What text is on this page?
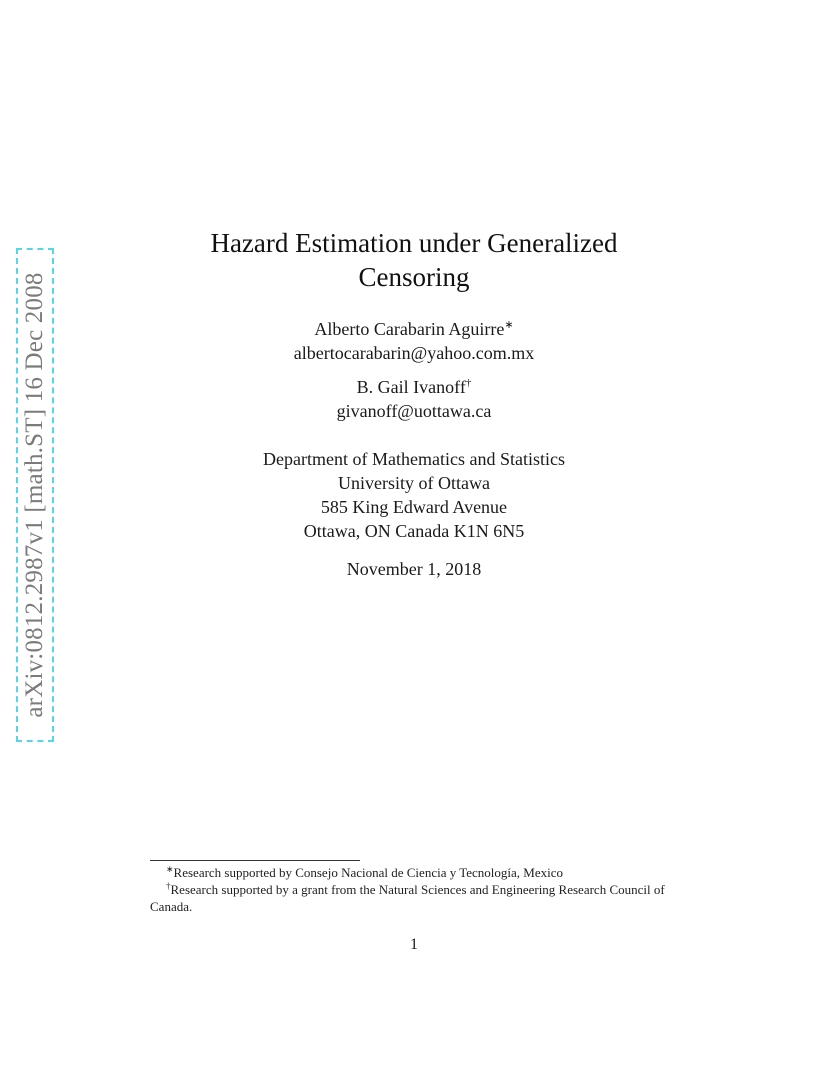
arXiv:0812.2987v1 [math.ST] 16 Dec 2008
Hazard Estimation under Generalized
Censoring
Alberto Carabarin Aguirre∗
albertocarabarin@yahoo.com.mx
B. Gail Ivanoff†
givanoff@uottawa.ca
Department of Mathematics and Statistics
University of Ottawa
585 King Edward Avenue
Ottawa, ON Canada K1N 6N5
November 1, 2018
∗Research supported by Consejo Nacional de Ciencia y Tecnología, Mexico
†Research supported by a grant from the Natural Sciences and Engineering Research Council of Canada.
1
